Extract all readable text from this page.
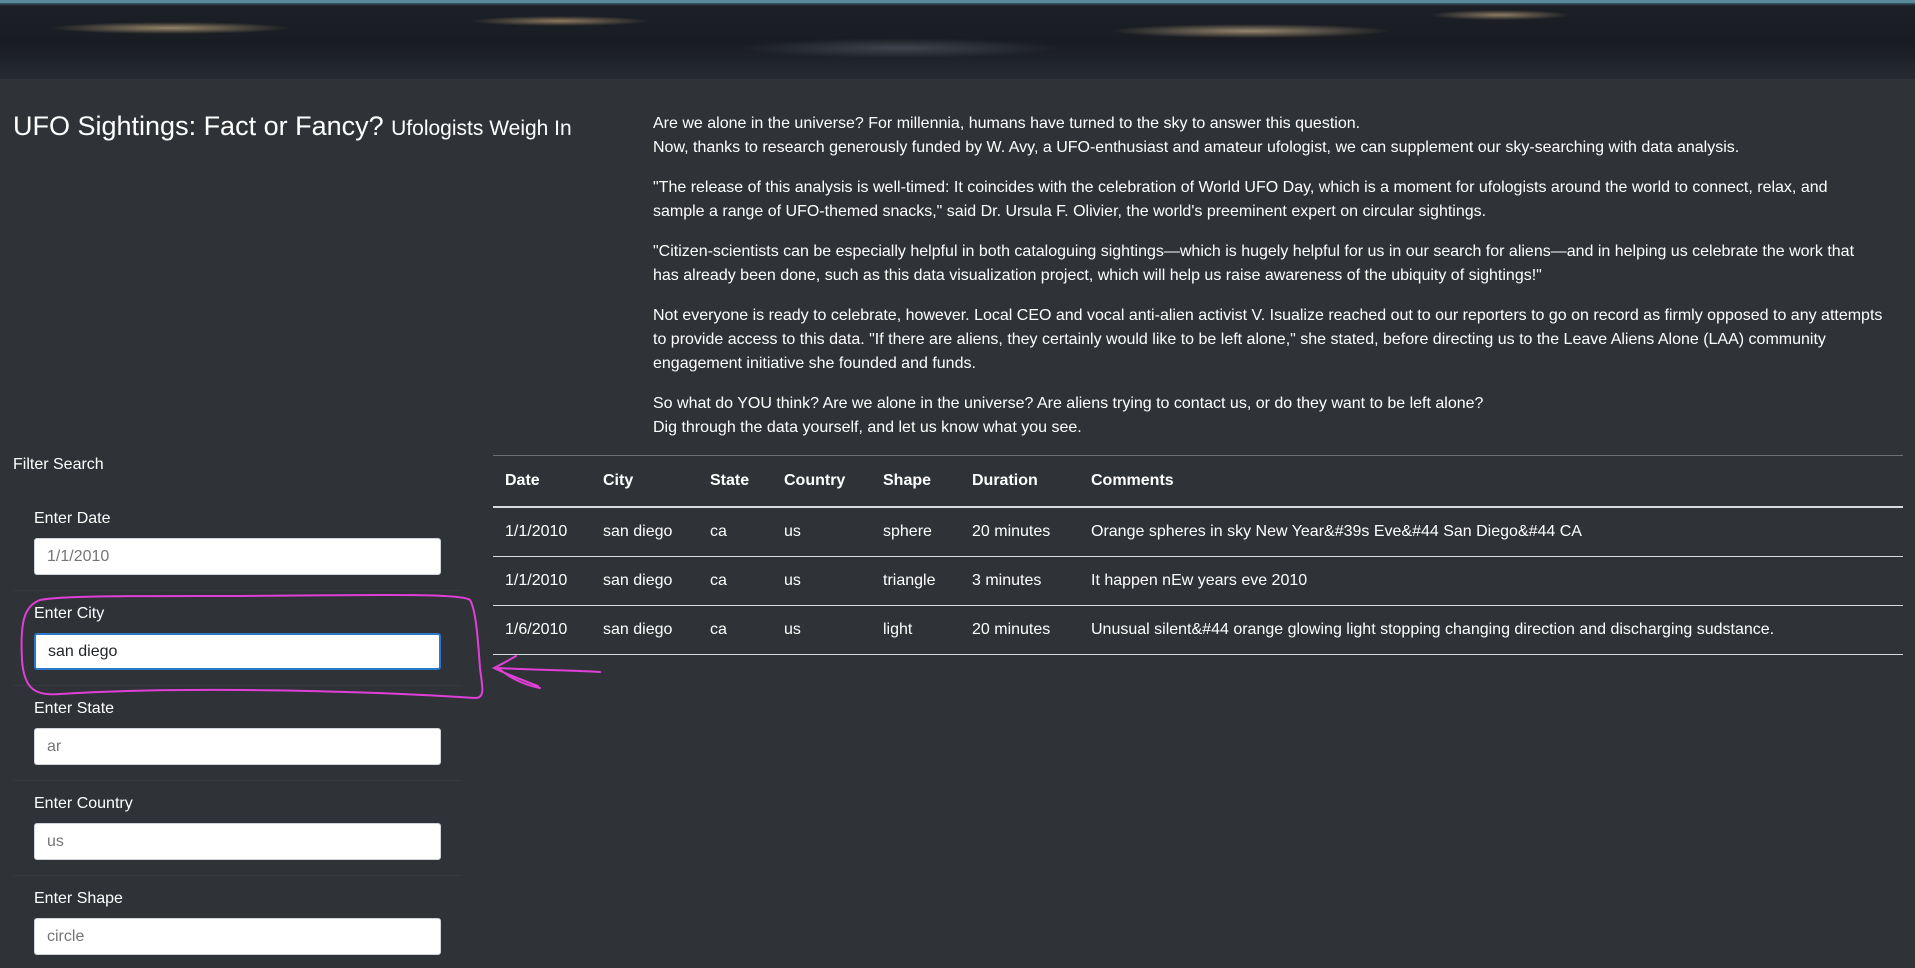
UFO Sightings: Fact or Fancy? Ufologists Weigh In	Are we alone in the universe? For millennia, humans have turned to the sky to answer this question.
Now, thanks to research generously funded by W. Avy, a UFO-enthusiast and amateur ufologist, we can supplement our sky-searching with data analysis.

"The release of this analysis is well-timed: It coincides with the celebration of World UFO Day, which is a moment for ufologists around the world to connect, relax, and sample a range of UFO-themed snacks," said Dr. Ursula F. Olivier, the world's preeminent expert on circular sightings.

"Citizen-scientists can be especially helpful in both cataloguing sightings—which is hugely helpful for us in our search for aliens—and in helping us celebrate the work that has already been done, such as this data visualization project, which will help us raise awareness of the ubiquity of sightings!"

Not everyone is ready to celebrate, however. Local CEO and vocal anti-alien activist V. Isualize reached out to our reporters to go on record as firmly opposed to any attempts to provide access to this data. "If there are aliens, they certainly would like to be left alone," she stated, before directing us to the Leave Aliens Alone (LAA) community engagement initiative she founded and funds.

So what do YOU think? Are we alone in the universe? Are aliens trying to contact us, or do they want to be left alone?
Dig through the data yourself, and let us know what you see.

Filter Search
Enter Date
1/1/2010
Enter City
san diego
Enter State
ar
Enter Country
us
Enter Shape
circle
Date	City	State	Country	Shape	Duration	Comments
1/1/2010	san diego	ca	us	sphere	20 minutes	Orange spheres in sky New Year&#39s Eve&#44 San Diego&#44 CA
1/1/2010	san diego	ca	us	triangle	3 minutes	It happen nEw years eve 2010
1/6/2010	san diego	ca	us	light	20 minutes	Unusual silent&#44 orange glowing light stopping changing direction and discharging sudstance.
